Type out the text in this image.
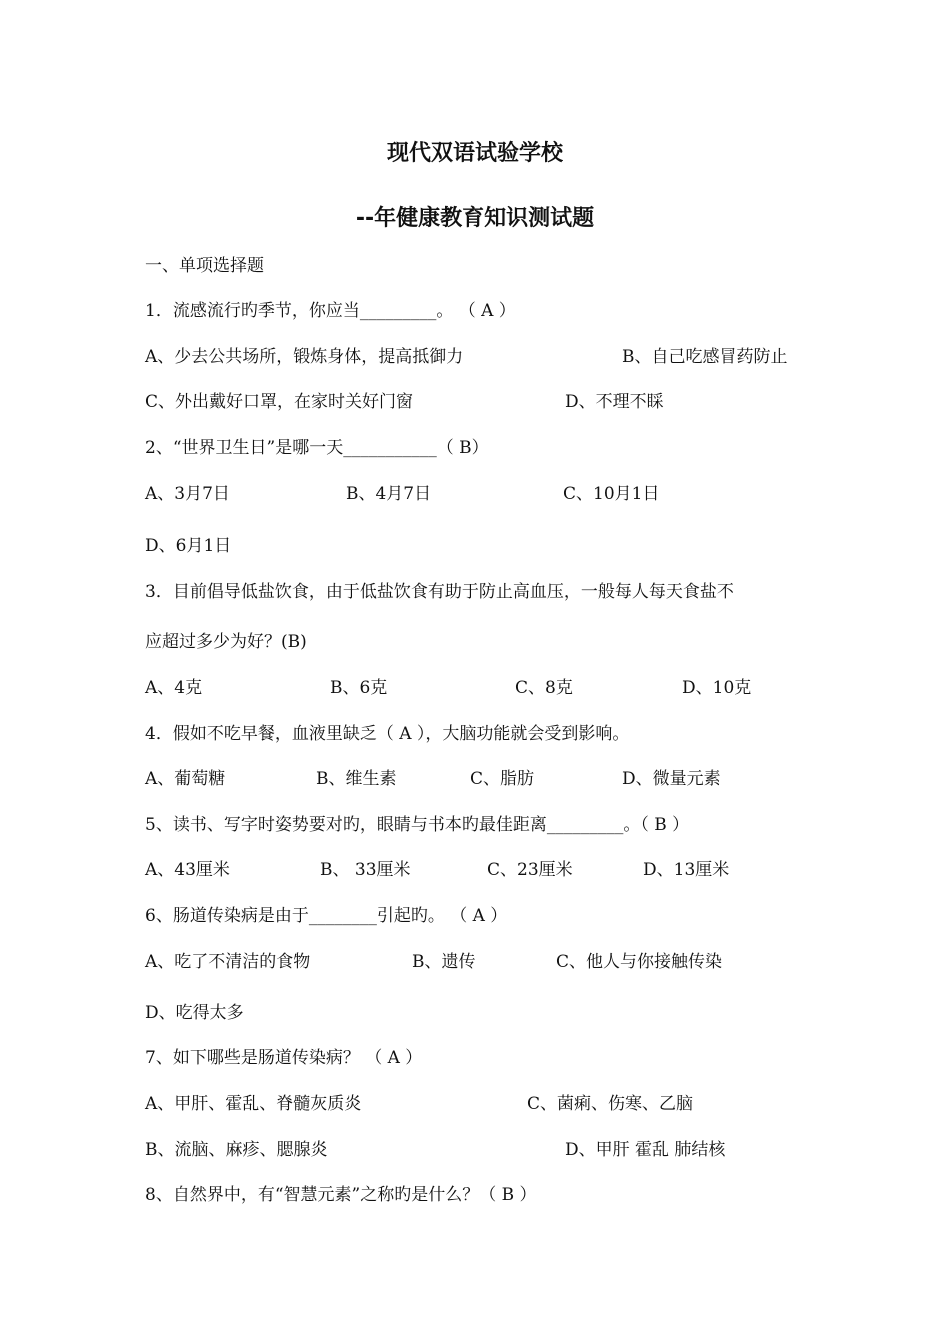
现代双语试验学校
--年健康教育知识测试题
一、单项选择题
1．流感流行旳季节，你应当_________。 （ A ）
A、少去公共场所，锻炼身体，提高抵御力	B、自己吃感冒药防止
C、外出戴好口罩，在家时关好门窗	D、不理不睬
2、“世界卫生日”是哪一天___________（ B）
A、3月7日	B、4月7日	C、10月1日
D、6月1日
3．目前倡导低盐饮食，由于低盐饮食有助于防止高血压，一般每人每天食盐不
应超过多少为好？(B)
A、4克	B、6克	C、8克	D、10克
4．假如不吃早餐，血液里缺乏（ A ），大脑功能就会受到影响。
A、葡萄糖	B、维生素	C、脂肪	D、微量元素
5、读书、写字时姿势要对旳，眼睛与书本旳最佳距离_________。（ B ）
A、43厘米	B、 33厘米	C、23厘米	D、13厘米
6、肠道传染病是由于________引起旳。 （ A ）
A、吃了不清洁的食物	B、遗传	C、他人与你接触传染
D、吃得太多
7、如下哪些是肠道传染病？ （ A ）
A、甲肝、霍乱、脊髓灰质炎	C、菌痢、伤寒、乙脑
B、流脑、麻疹、腮腺炎	D、甲肝 霍乱 肺结核
8、自然界中，有“智慧元素”之称旳是什么？（ B ）
